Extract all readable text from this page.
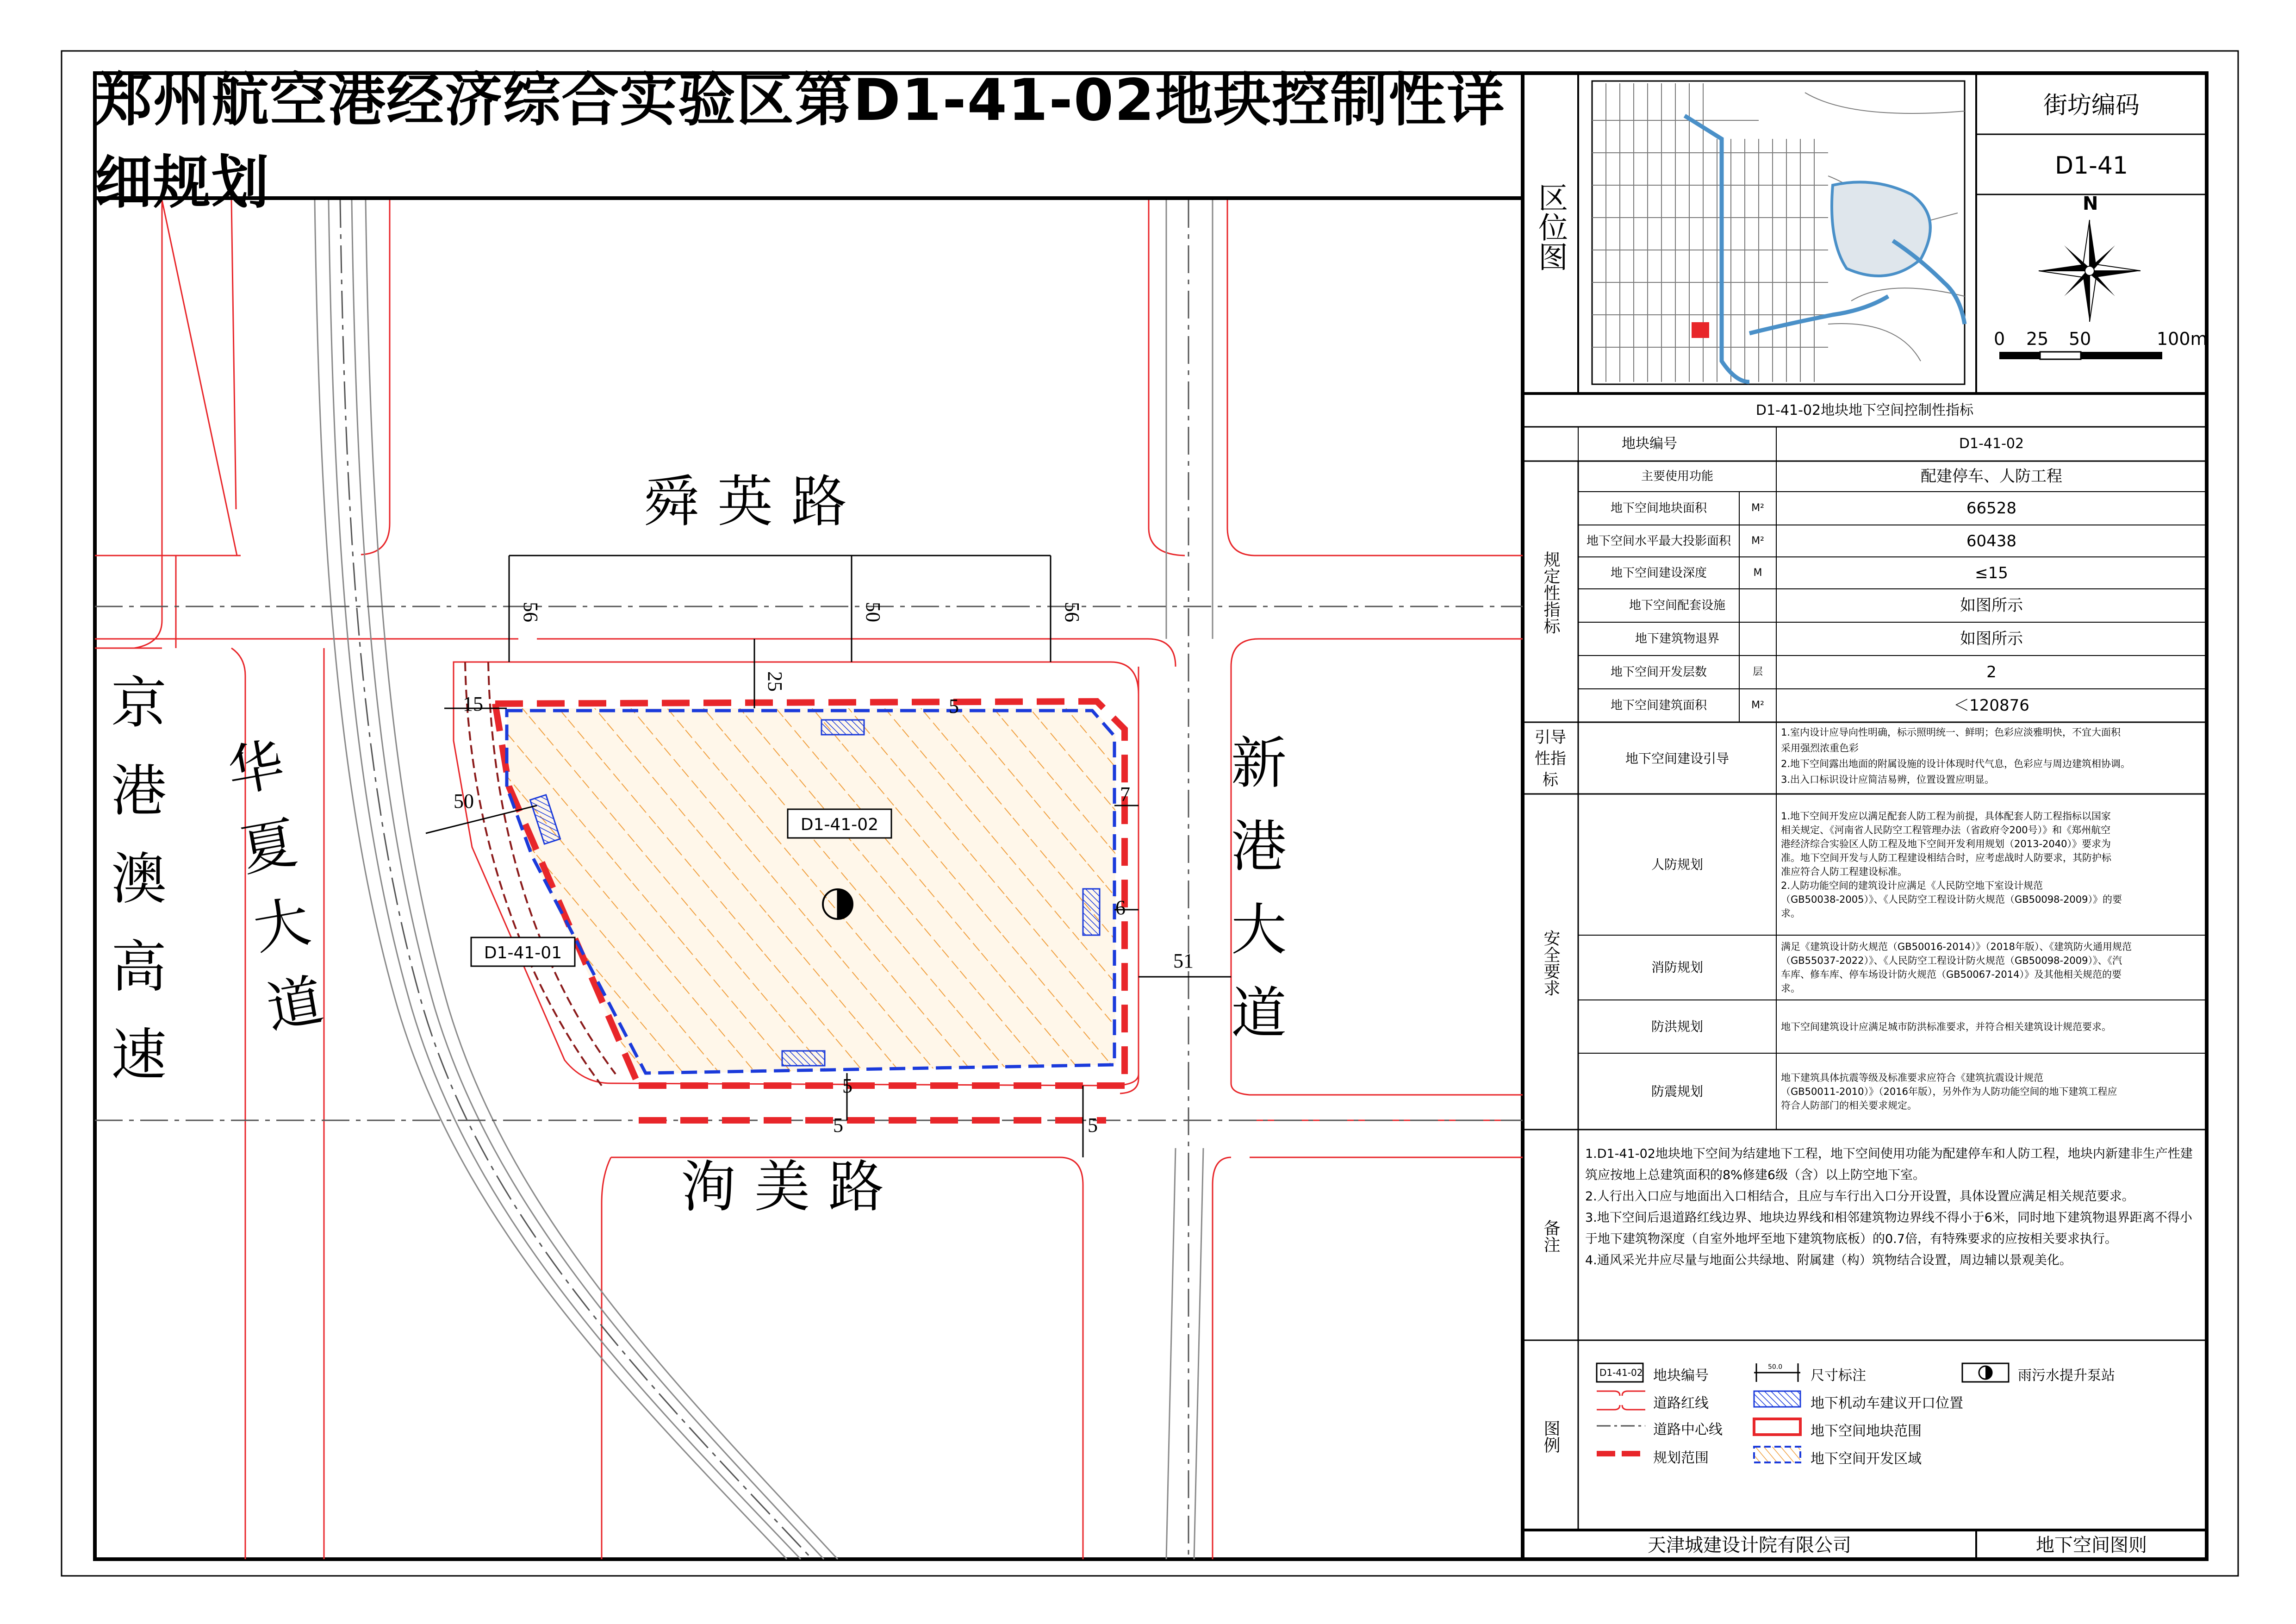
56	50	56
25
15
50	7
6
51
5
5	5
5
D1-41-02
D1-41-01
舜英路
洵美路
新
港
大
道
华
夏
大
道
京
港
澳
高
速
郑州航空港经济综合实验区第D1-41-02地块控制性详细规划	区位图
街坊编码
D1-41
N
0 25 50	100m
D1-41-02地块地下空间控制性指标
地块编号	D1-41-02
规定性指标
主要使用功能	配建停车、人防工程
地下空间地块面积	M²	66528
地下空间水平最大投影面积	M²	60438
地下空间建设深度	M	≤15
地下空间配套设施	如图所示
地下建筑物退界	如图所示
地下空间开发层数	层	2
地下空间建筑面积	M²	＜120876
引导性指标
地下空间建设引导
1.室内设计应导向性明确，标示照明统一、鲜明；色彩应淡雅明快，不宜大面积
采用强烈浓重色彩
2.地下空间露出地面的附属设施的设计体现时代气息，色彩应与周边建筑相协调。
3.出入口标识设计应简洁易辨，位置设置应明显。
安全要求
人防规划
1.地下空间开发应以满足配套人防工程为前提，具体配套人防工程指标以国家
相关规定、《河南省人民防空工程管理办法（省政府令200号）》和《郑州航空
港经济综合实验区人防工程及地下空间开发利用规划（2013-2040）》要求为
准。地下空间开发与人防工程建设相结合时，应考虑战时人防要求，其防护标
准应符合人防工程建设标准。
2.人防功能空间的建筑设计应满足《人民防空地下室设计规范
（GB50038-2005）》、《人民防空工程设计防火规范（GB50098-2009）》的要
求。
消防规划
满足《建筑设计防火规范（GB50016-2014）》（2018年版）、《建筑防火通用规范
（GB55037-2022）》、《人民防空工程设计防火规范（GB50098-2009）》、《汽
车库、修车库、停车场设计防火规范（GB50067-2014）》及其他相关规范的要
求。
防洪规划	地下空间建筑设计应满足城市防洪标准要求，并符合相关建筑设计规范要求。
防震规划
地下建筑具体抗震等级及标准要求应符合《建筑抗震设计规范
（GB50011-2010）》（2016年版），另外作为人防功能空间的地下建筑工程应
符合人防部门的相关要求规定。
备注
1.D1-41-02地块地下空间为结建地下工程，地下空间使用功能为配建停车和人防工程，地块内新建非生产性建
筑应按地上总建筑面积的8%修建6级（含）以上防空地下室。
2.人行出入口应与地面出入口相结合，且应与车行出入口分开设置，具体设置应满足相关规范要求。
3.地下空间后退道路红线边界、地块边界线和相邻建筑物边界线不得小于6米，同时地下建筑物退界距离不得小
于地下建筑物深度（自室外地坪至地下建筑物底板）的0.7倍，有特殊要求的应按相关要求执行。
4.通风采光井应尽量与地面公共绿地、附属建（构）筑物结合设置，周边辅以景观美化。
图例
D1-41-02	50.0
地块编号	尺寸标注	雨污水提升泵站
道路红线	地下机动车建议开口位置
道路中心线	地下空间地块范围
规划范围	地下空间开发区域
天津城建设计院有限公司	地下空间图则
